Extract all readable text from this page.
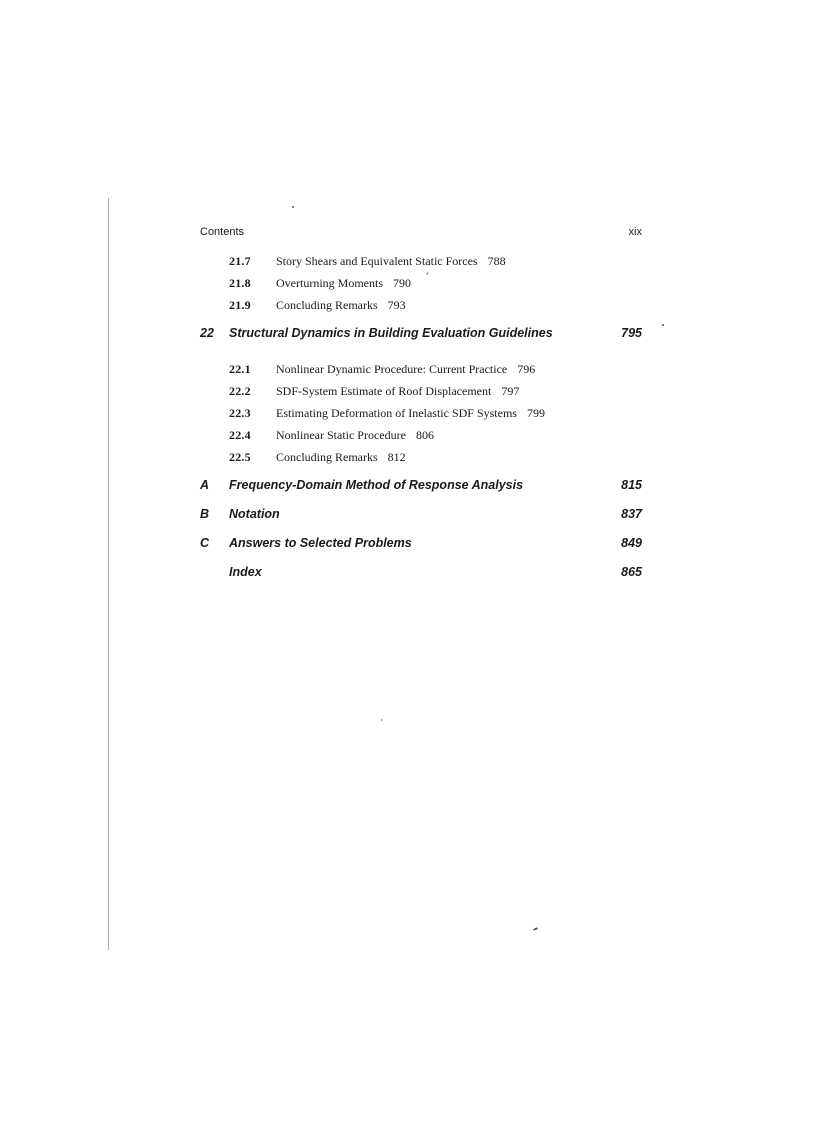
Contents	xix
21.7	Story Shears and Equivalent Static Forces 788
21.8	Overturning Moments 790
21.9	Concluding Remarks 793
22	Structural Dynamics in Building Evaluation Guidelines	795
22.1	Nonlinear Dynamic Procedure: Current Practice 796
22.2	SDF-System Estimate of Roof Displacement 797
22.3	Estimating Deformation of Inelastic SDF Systems 799
22.4	Nonlinear Static Procedure 806
22.5	Concluding Remarks 812
A	Frequency-Domain Method of Response Analysis	815
B	Notation	837
C	Answers to Selected Problems	849
Index	865
